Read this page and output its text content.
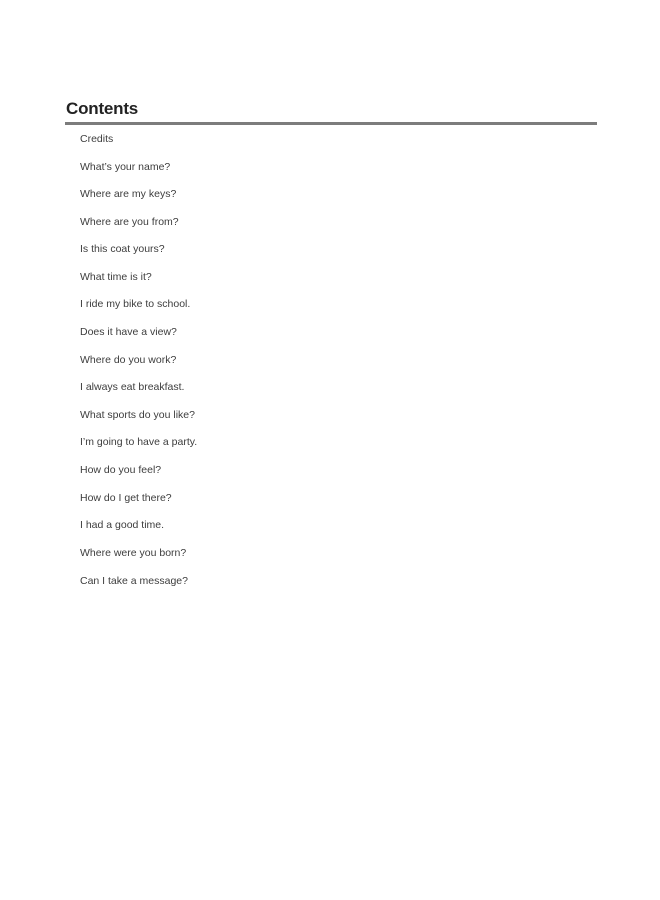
Contents
Credits
What’s your name?
Where are my keys?
Where are you from?
Is this coat yours?
What time is it?
I ride my bike to school.
Does it have a view?
Where do you work?
I always eat breakfast.
What sports do you like?
I’m going to have a party.
How do you feel?
How do I get there?
I had a good time.
Where were you born?
Can I take a message?
